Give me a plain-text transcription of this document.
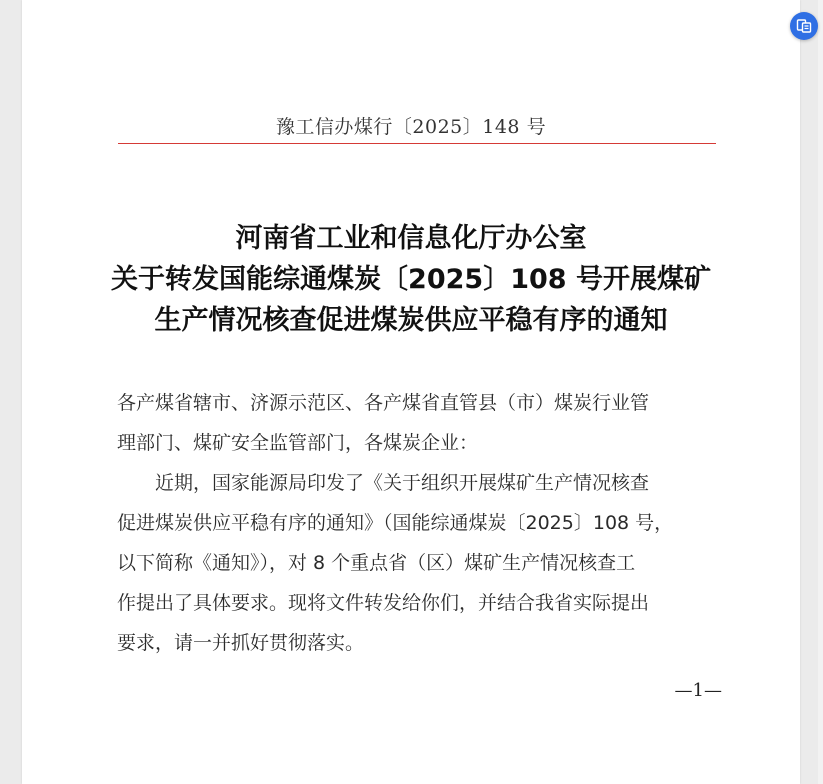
豫工信办煤行〔2025〕148 号
河南省工业和信息化厅办公室
关于转发国能综通煤炭〔2025〕108 号开展煤矿
生产情况核查促进煤炭供应平稳有序的通知
各产煤省辖市、济源示范区、各产煤省直管县（市）煤炭行业管
理部门、煤矿安全监管部门，各煤炭企业：
　　近期，国家能源局印发了《关于组织开展煤矿生产情况核查
促进煤炭供应平稳有序的通知》（国能综通煤炭〔2025〕108 号，
以下简称《通知》），对 8 个重点省（区）煤矿生产情况核查工
作提出了具体要求。现将文件转发给你们，并结合我省实际提出
要求，请一并抓好贯彻落实。
—1—
